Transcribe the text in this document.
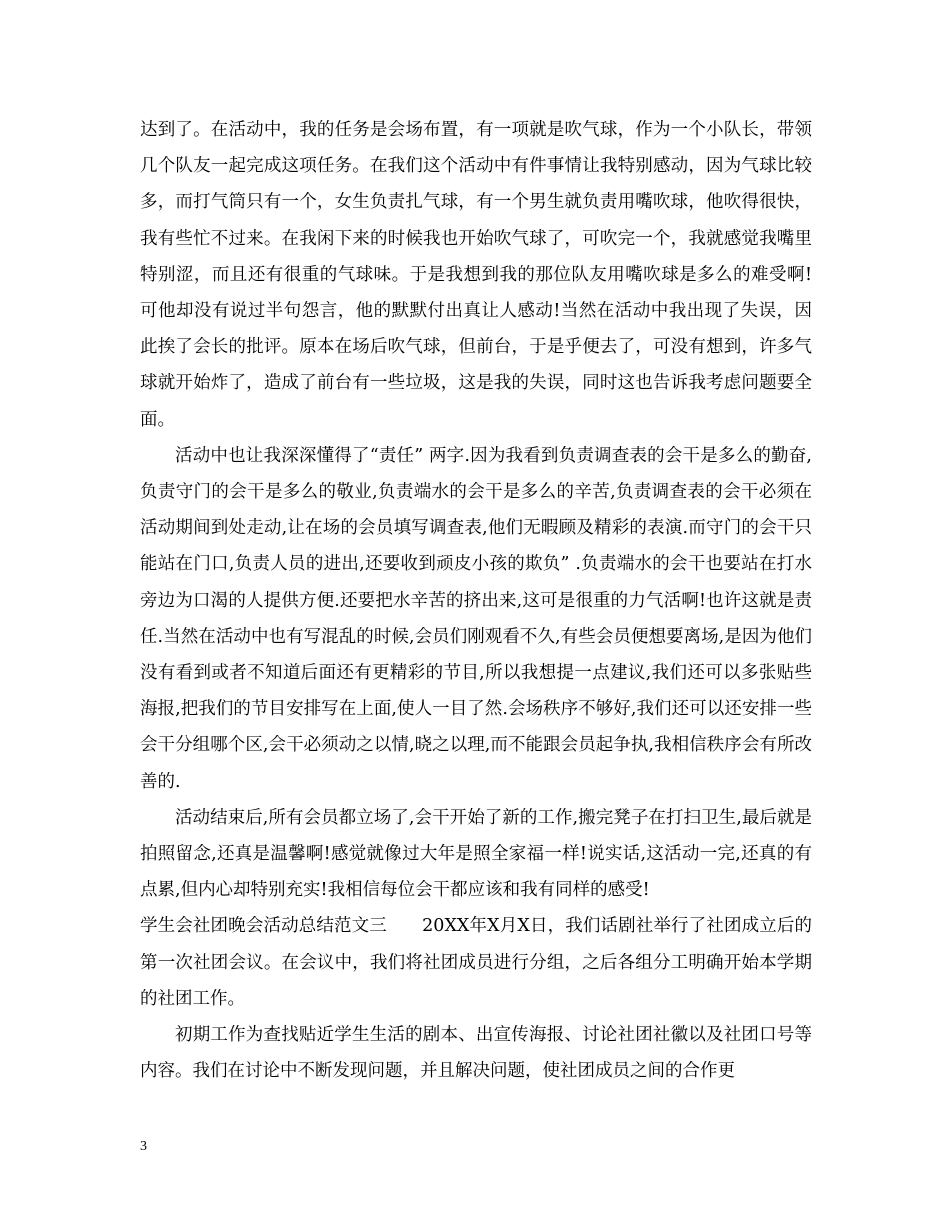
达到了。在活动中，我的任务是会场布置，有一项就是吹气球，作为一个小队长，带领几个队友一起完成这项任务。在我们这个活动中有件事情让我特别感动，因为气球比较多，而打气筒只有一个，女生负责扎气球，有一个男生就负责用嘴吹球，他吹得很快，我有些忙不过来。在我闲下来的时候我也开始吹气球了，可吹完一个，我就感觉我嘴里特别涩，而且还有很重的气球味。于是我想到我的那位队友用嘴吹球是多么的难受啊!可他却没有说过半句怨言，他的默默付出真让人感动!当然在活动中我出现了失误，因此挨了会长的批评。原本在场后吹气球，但前台，于是乎便去了，可没有想到，许多气球就开始炸了，造成了前台有一些垃圾，这是我的失误，同时这也告诉我考虑问题要全面。

活动中也让我深深懂得了“责任” 两字.因为我看到负责调查表的会干是多么的勤奋,负责守门的会干是多么的敬业,负责端水的会干是多么的辛苦,负责调查表的会干必须在活动期间到处走动,让在场的会员填写调查表,他们无暇顾及精彩的表演.而守门的会干只能站在门口,负责人员的进出,还要收到顽皮小孩的欺负” .负责端水的会干也要站在打水旁边为口渴的人提供方便.还要把水辛苦的挤出来,这可是很重的力气活啊!也许这就是责任.当然在活动中也有写混乱的时候,会员们刚观看不久,有些会员便想要离场,是因为他们没有看到或者不知道后面还有更精彩的节目,所以我想提一点建议,我们还可以多张贴些海报,把我们的节目安排写在上面,使人一目了然.会场秩序不够好,我们还可以还安排一些会干分组哪个区,会干必须动之以情,晓之以理,而不能跟会员起争执,我相信秩序会有所改善的.

活动结束后,所有会员都立场了,会干开始了新的工作,搬完凳子在打扫卫生,最后就是拍照留念,还真是温馨啊!感觉就像过大年是照全家福一样!说实话,这活动一完,还真的有点累,但内心却特别充实!我相信每位会干都应该和我有同样的感受!

学生会社团晚会活动总结范文三　　20XX年X月X日，我们话剧社举行了社团成立后的第一次社团会议。在会议中，我们将社团成员进行分组，之后各组分工明确开始本学期的社团工作。

初期工作为查找贴近学生生活的剧本、出宣传海报、讨论社团社徽以及社团口号等内容。我们在讨论中不断发现问题，并且解决问题，使社团成员之间的合作更

3
